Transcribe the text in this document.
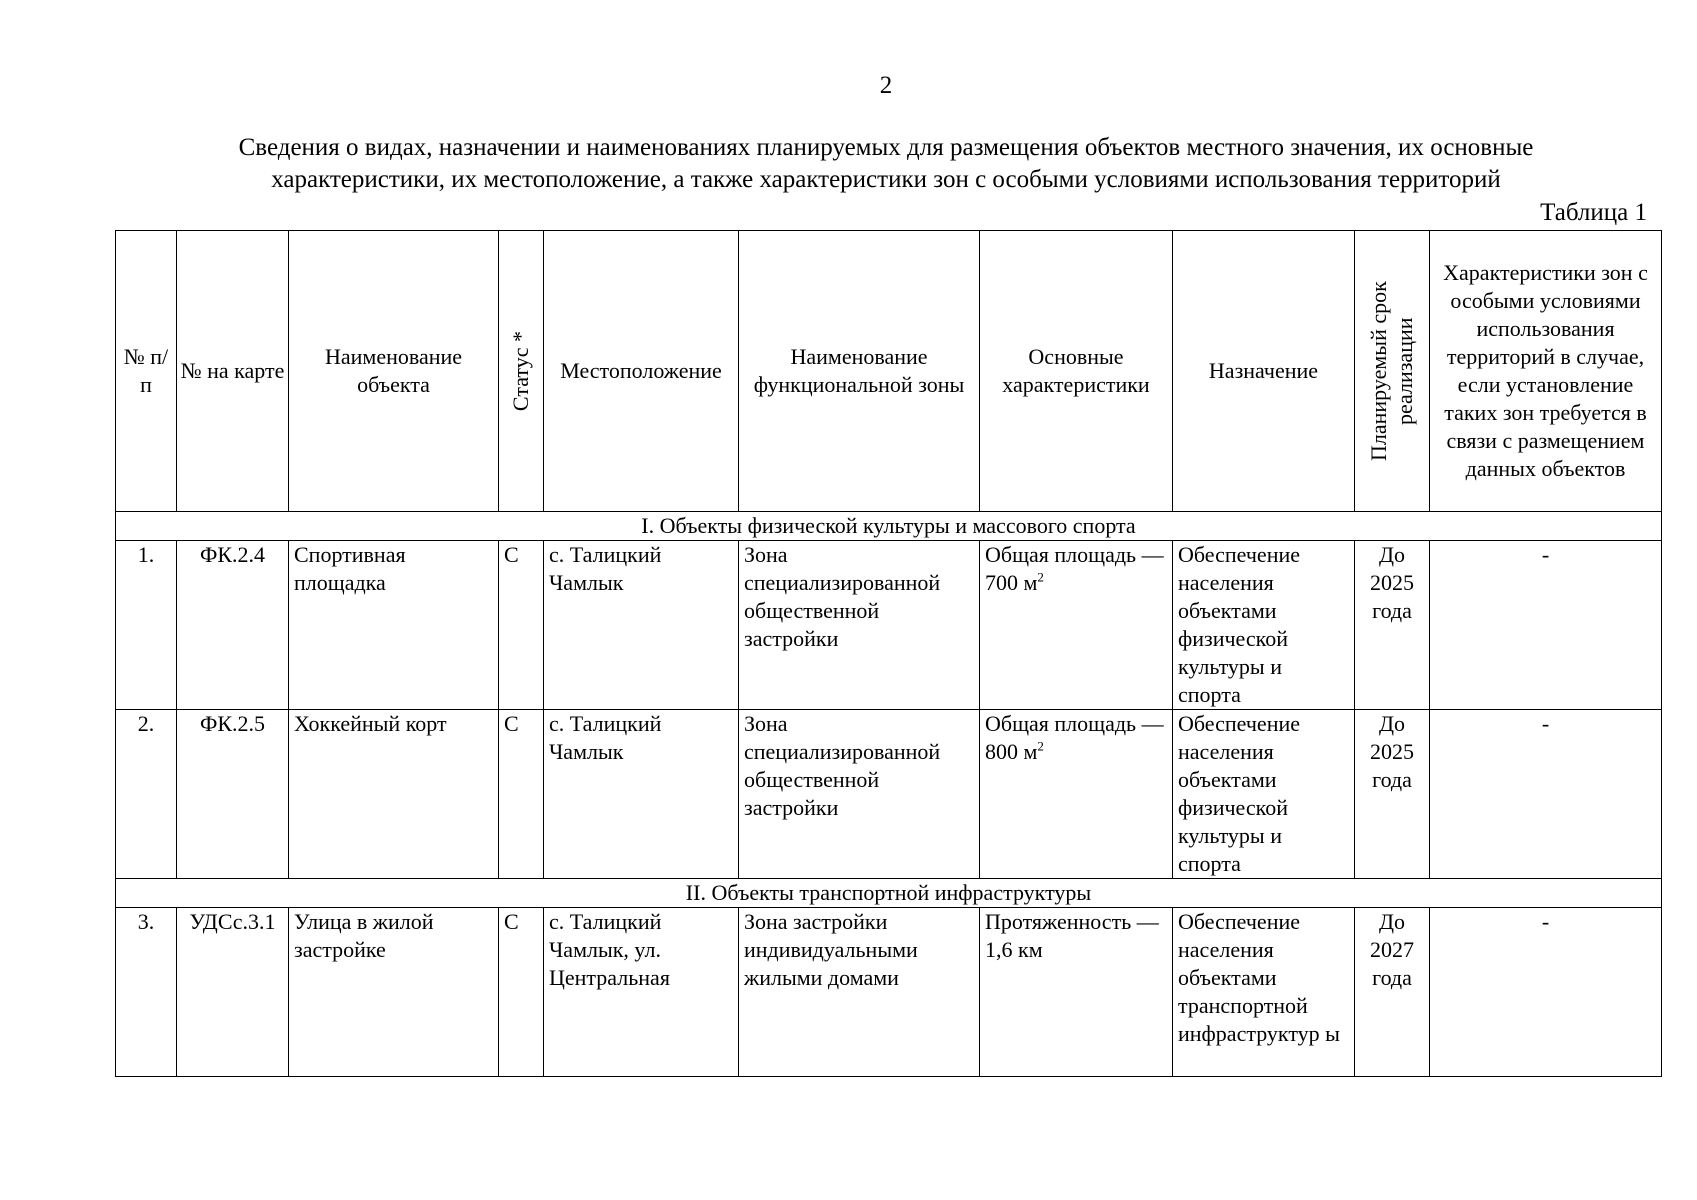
2
Сведения о видах, назначении и наименованиях планируемых для размещения объектов местного значения, их основные
характеристики, их местоположение, а также характеристики зон с особыми условиями использования территорий
Таблица 1
№ п/п	№ на карте	Наименование объекта	Статус *	Местоположение	Наименование функциональной зоны	Основные характеристики	Назначение	Планируемый срок реализации	Характеристики зон с особыми условиями использования территорий в случае, если установление таких зон требуется в связи с размещением данных объектов
I. Объекты физической культуры и массового спорта									
1.	ФК.2.4	Спортивная площадка	С	с. Талицкий Чамлык	Зона специализированной общественной застройки	Общая площадь — 700 $м^2$	Обеспечение населения объектами физической культуры и спорта	До 2025 года	-
2.	ФК.2.5	Хоккейный корт	С	с. Талицкий Чамлык	Зона специализированной общественной застройки	Общая площадь — 800 $м^2$	Обеспечение населения объектами физической культуры и спорта	До 2025 года	-
II. Объекты транспортной инфраструктуры									
3.	УДСс.3.1	Улица в жилой застройке	С	с. Талицкий Чамлык, ул. Центральная	Зона застройки индивидуальными жилыми домами	Протяженность — 1,6 км	Обеспечение населения объектами транспортной инфраструктур ы	До 2027 года	-
